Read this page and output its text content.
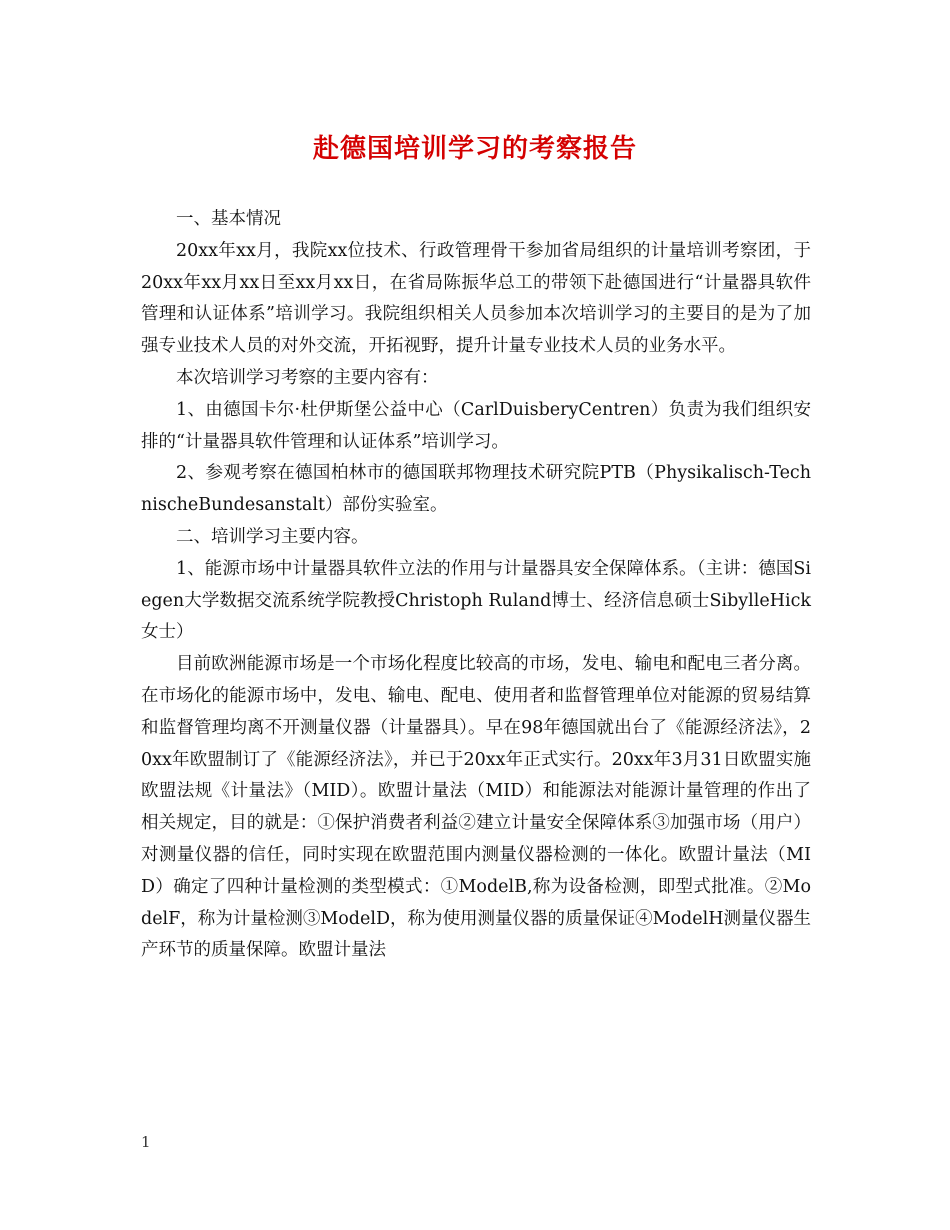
赴德国培训学习的考察报告

一、基本情况

20xx年xx月，我院xx位技术、行政管理骨干参加省局组织的计量培训考察团，于20xx年xx月xx日至xx月xx日，在省局陈振华总工的带领下赴德国进行“计量器具软件管理和认证体系”培训学习。我院组织相关人员参加本次培训学习的主要目的是为了加强专业技术人员的对外交流，开拓视野，提升计量专业技术人员的业务水平。

本次培训学习考察的主要内容有：

1、由德国卡尔·杜伊斯堡公益中心（CarlDuisberyCentren）负责为我们组织安排的“计量器具软件管理和认证体系”培训学习。

2、参观考察在德国柏林市的德国联邦物理技术研究院PTB（Physikalisch-TechnischeBundesanstalt）部份实验室。

二、培训学习主要内容。

1、能源市场中计量器具软件立法的作用与计量器具安全保障体系。（主讲：德国Siegen大学数据交流系统学院教授Christoph Ruland博士、经济信息硕士SibylleHick女士）

目前欧洲能源市场是一个市场化程度比较高的市场，发电、输电和配电三者分离。在市场化的能源市场中，发电、输电、配电、使用者和监督管理单位对能源的贸易结算和监督管理均离不开测量仪器（计量器具）。早在98年德国就出台了《能源经济法》，20xx年欧盟制订了《能源经济法》，并已于20xx年正式实行。20xx年3月31日欧盟实施欧盟法规《计量法》（MID）。欧盟计量法（MID）和能源法对能源计量管理的作出了相关规定，目的就是：①保护消费者利益②建立计量安全保障体系③加强市场（用户）对测量仪器的信任，同时实现在欧盟范围内测量仪器检测的一体化。欧盟计量法（MID）确定了四种计量检测的类型模式：①ModelB,称为设备检测，即型式批准。②ModelF，称为计量检测③ModelD，称为使用测量仪器的质量保证④ModelH测量仪器生产环节的质量保障。欧盟计量法

1
